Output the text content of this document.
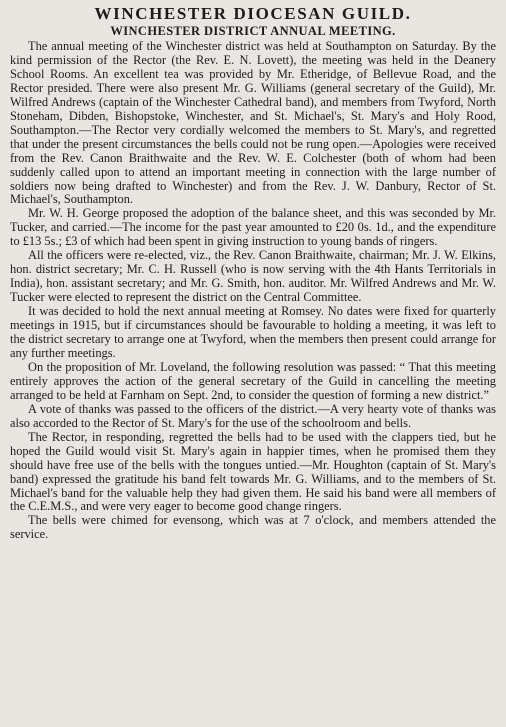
WINCHESTER DIOCESAN GUILD.
WINCHESTER DISTRICT ANNUAL MEETING.

The annual meeting of the Winchester district was held at Southampton on Saturday. By the kind permission of the Rector (the Rev. E. N. Lovett), the meeting was held in the Deanery School Rooms. An excellent tea was provided by Mr. Etheridge, of Bellevue Road, and the Rector presided. There were also present Mr. G. Williams (general secretary of the Guild), Mr. Wilfred Andrews (captain of the Winchester Cathedral band), and members from Twyford, North Stoneham, Dibden, Bishopstoke, Winchester, and St. Michael's, St. Mary's and Holy Rood, Southampton.—The Rector very cordially welcomed the members to St. Mary's, and regretted that under the present circumstances the bells could not be rung open.—Apologies were received from the Rev. Canon Braithwaite and the Rev. W. E. Colchester (both of whom had been suddenly called upon to attend an important meeting in connection with the large number of soldiers now being drafted to Winchester) and from the Rev. J. W. Danbury, Rector of St. Michael's, Southampton.

Mr. W. H. George proposed the adoption of the balance sheet, and this was seconded by Mr. Tucker, and carried.—The income for the past year amounted to £20 0s. 1d., and the expenditure to £13 5s.; £3 of which had been spent in giving instruction to young bands of ringers.

All the officers were re-elected, viz., the Rev. Canon Braithwaite, chairman; Mr. J. W. Elkins, hon. district secretary; Mr. C. H. Russell (who is now serving with the 4th Hants Territorials in India), hon. assistant secretary; and Mr. G. Smith, hon. auditor. Mr. Wilfred Andrews and Mr. W. Tucker were elected to represent the district on the Central Committee.

It was decided to hold the next annual meeting at Romsey. No dates were fixed for quarterly meetings in 1915, but if circumstances should be favourable to holding a meeting, it was left to the district secretary to arrange one at Twyford, when the members then present could arrange for any further meetings.

On the proposition of Mr. Loveland, the following resolution was passed: “ That this meeting entirely approves the action of the general secretary of the Guild in cancelling the meeting arranged to be held at Farnham on Sept. 2nd, to consider the question of forming a new district.”

A vote of thanks was passed to the officers of the district.—A very hearty vote of thanks was also accorded to the Rector of St. Mary's for the use of the schoolroom and bells.

The Rector, in responding, regretted the bells had to be used with the clappers tied, but he hoped the Guild would visit St. Mary's again in happier times, when he promised them they should have free use of the bells with the tongues untied.—Mr. Houghton (captain of St. Mary's band) expressed the gratitude his band felt towards Mr. G. Williams, and to the members of St. Michael's band for the valuable help they had given them. He said his band were all members of the C.E.M.S., and were very eager to become good change ringers.

The bells were chimed for evensong, which was at 7 o'clock, and members attended the service.
